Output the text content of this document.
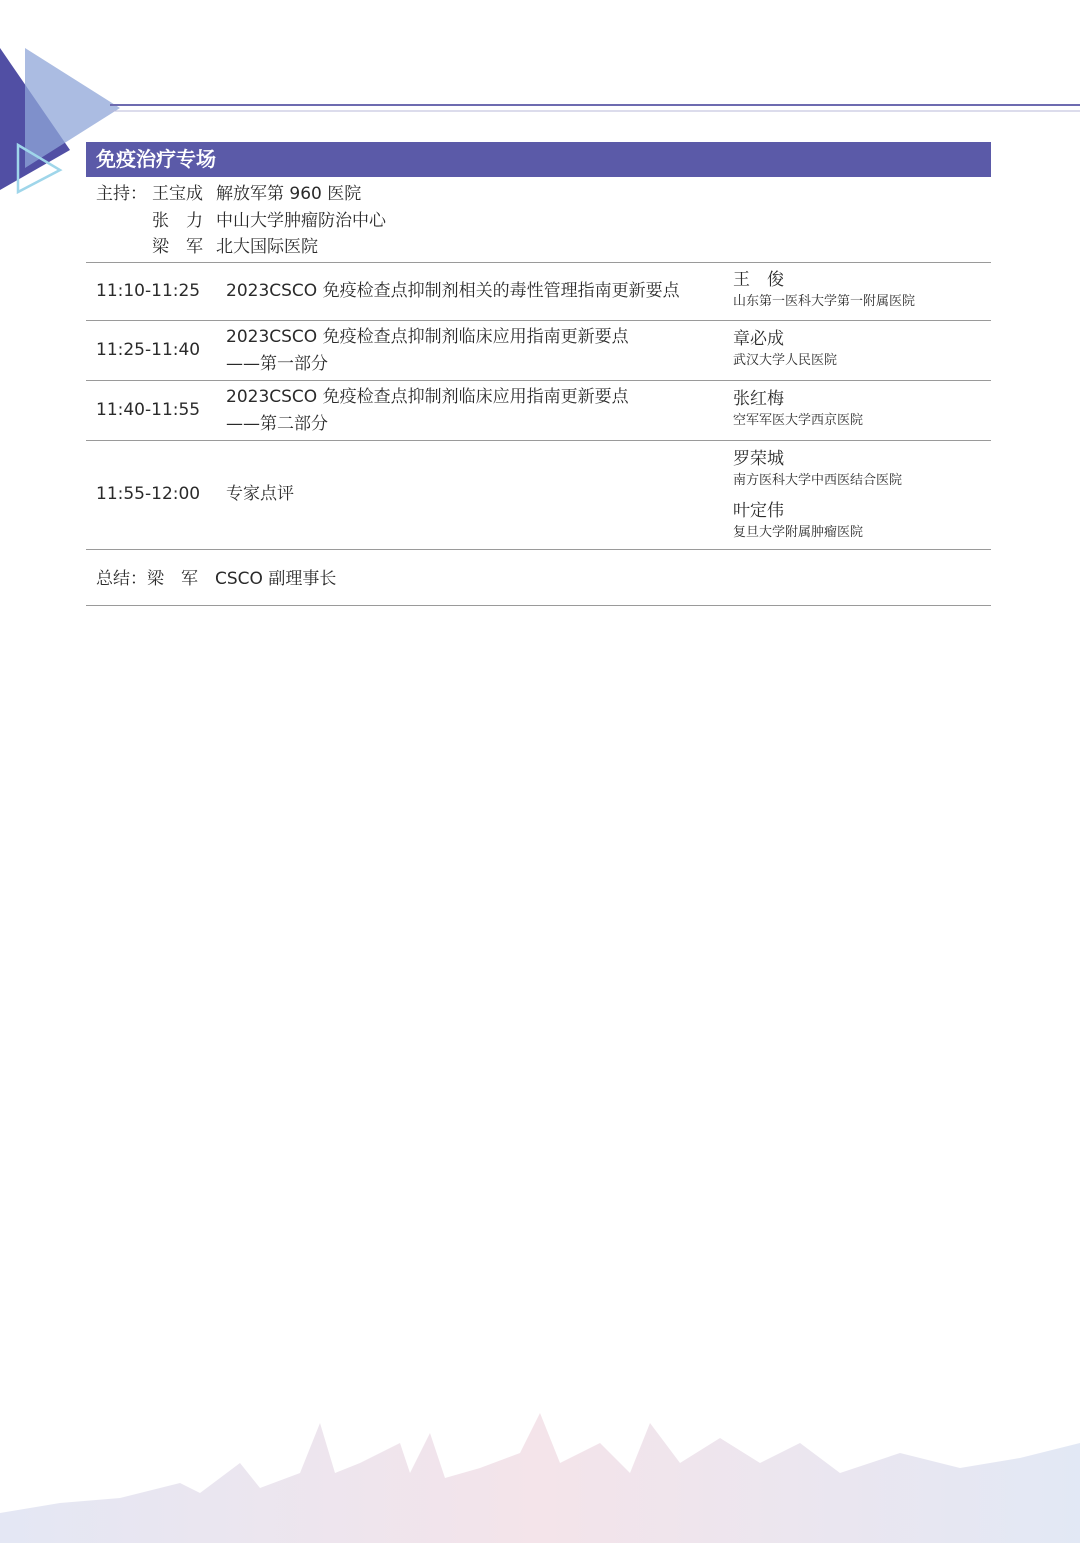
免疫治疗专场
主持： 王宝成 解放军第 960 医院
张　力 中山大学肿瘤防治中心
梁　军 北大国际医院
11:10-11:25 2023CSCO 免疫检查点抑制剂相关的毒性管理指南更新要点
王　俊
山东第一医科大学第一附属医院
11:25-11:40
2023CSCO 免疫检查点抑制剂临床应用指南更新要点
——第一部分
章必成
武汉大学人民医院
11:40-11:55
2023CSCO 免疫检查点抑制剂临床应用指南更新要点
——第二部分
张红梅
空军军医大学西京医院
11:55-12:00 专家点评
罗荣城
南方医科大学中西医结合医院
叶定伟
复旦大学附属肿瘤医院
总结：梁　军　CSCO 副理事长
